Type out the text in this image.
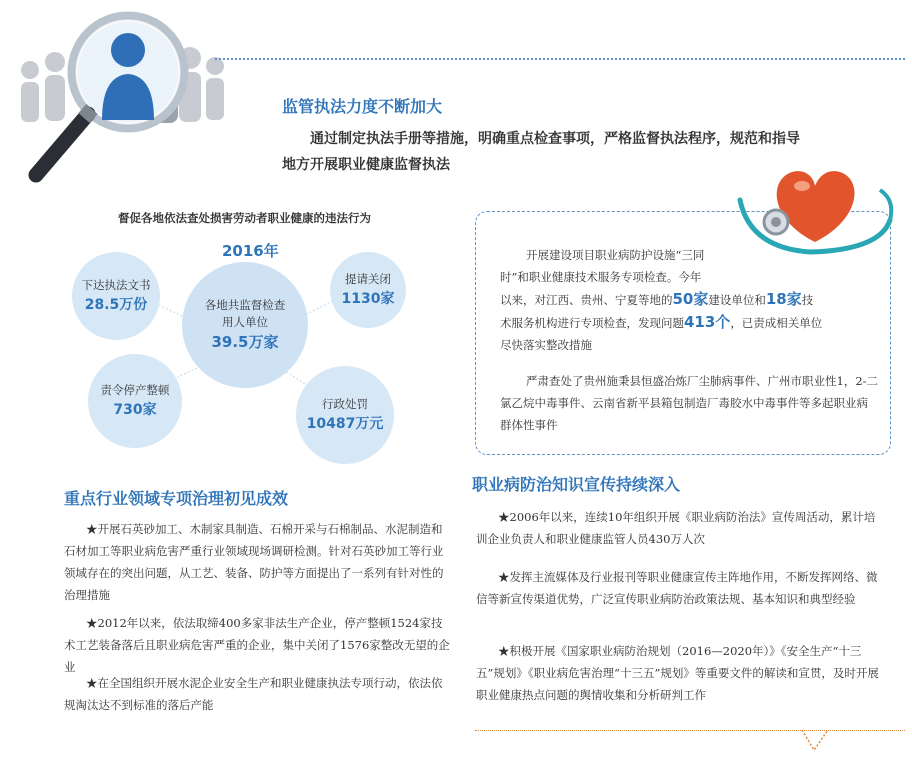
监管执法力度不断加大
通过制定执法手册等措施，明确重点检查事项，严格监督执法程序，规范和指导地方开展职业健康监督执法
督促各地依法查处损害劳动者职业健康的违法行为
2016年
下达执法文书
28.5万份
提请关闭
1130家
各地共监督检查
用人单位
39.5万家
责令停产整顿
730家	行政处罚
10487万元
开展建设项目职业病防护设施“三同
时”和职业健康技术服务专项检查。今年
以来，对江西、贵州、宁夏等地的50家建设单位和18家技
术服务机构进行专项检查，发现问题413个，已责成相关单位
尽快落实整改措施
严肃查处了贵州施秉县恒盛冶炼厂尘肺病事件、广州市职业性1，2-二氯乙烷中毒事件、云南省新平县箱包制造厂毒胶水中毒事件等多起职业病群体性事件
重点行业领域专项治理初见成效
★开展石英砂加工、木制家具制造、石棉开采与石棉制品、水泥制造和石材加工等职业病危害严重行业领域现场调研检测。针对石英砂加工等行业领域存在的突出问题，从工艺、装备、防护等方面提出了一系列有针对性的治理措施
★2012年以来，依法取缔400多家非法生产企业，停产整顿1524家技术工艺装备落后且职业病危害严重的企业，集中关闭了1576家整改无望的企业
★在全国组织开展水泥企业安全生产和职业健康执法专项行动，依法依规淘汰达不到标准的落后产能
职业病防治知识宣传持续深入
★2006年以来，连续10年组织开展《职业病防治法》宣传周活动，累计培训企业负责人和职业健康监管人员430万人次
★发挥主流媒体及行业报刊等职业健康宣传主阵地作用，不断发挥网络、微信等新宣传渠道优势，广泛宣传职业病防治政策法规、基本知识和典型经验
★积极开展《国家职业病防治规划（2016—2020年）》《安全生产“十三五”规划》《职业病危害治理“十三五”规划》等重要文件的解读和宣贯，及时开展职业健康热点问题的舆情收集和分析研判工作
